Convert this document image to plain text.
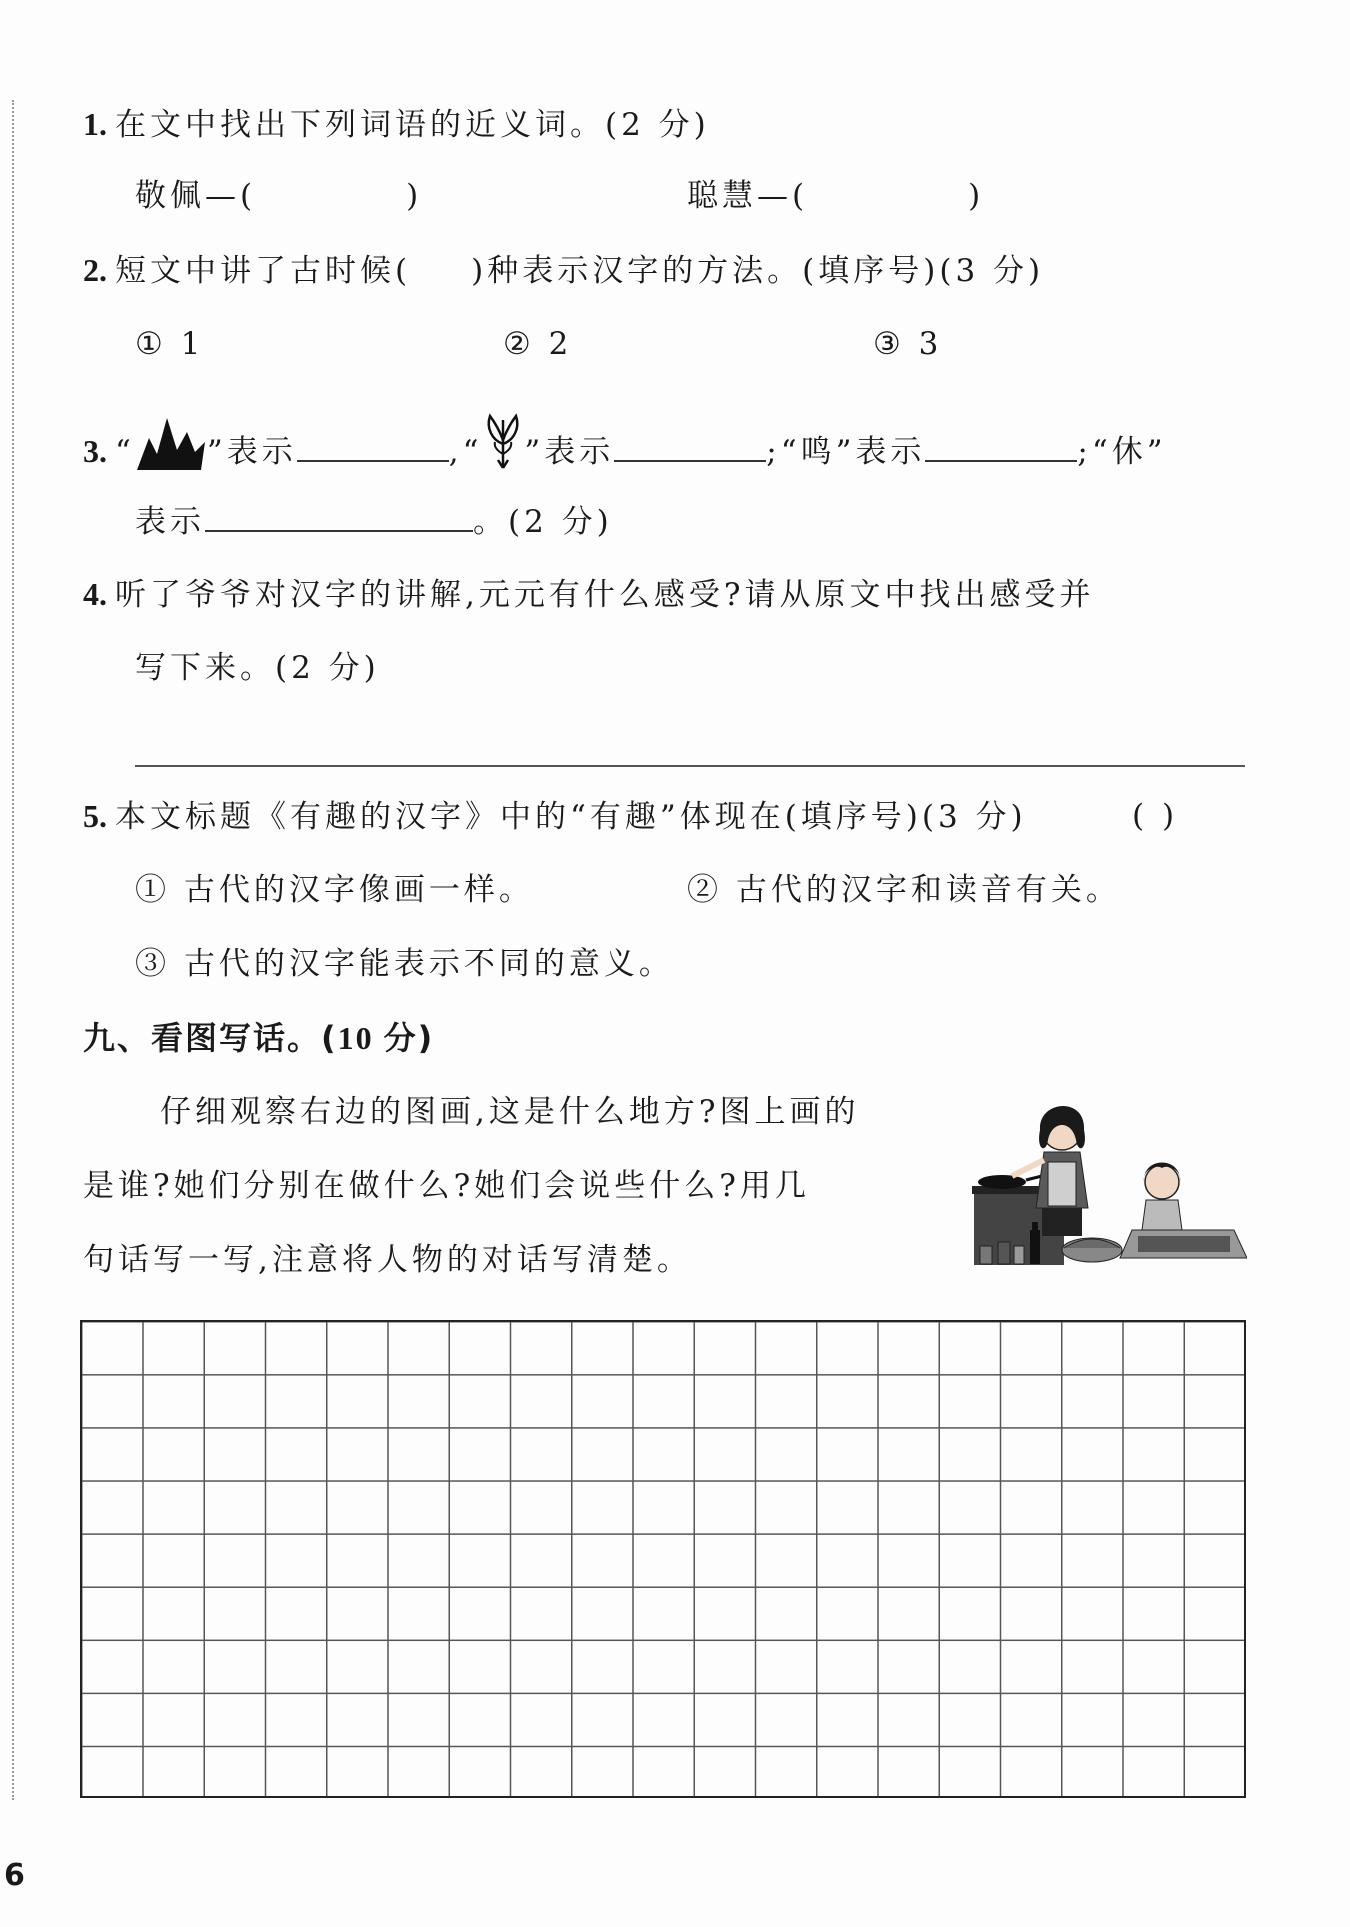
1. 在文中找出下列词语的近义词。(2 分)
敬佩—(	)	聪慧—(	)
2. 短文中讲了古时候( )种表示汉字的方法。(填序号)(3 分)
① 1	② 2	③ 3
3. “ ”表示	,“ ”表示	;“鸣”表示	;“休”
表示	。(2 分)
4. 听了爷爷对汉字的讲解,元元有什么感受?请从原文中找出感受并
写下来。(2 分)
5. 本文标题《有趣的汉字》中的“有趣”体现在(填序号)(3 分)	( )
① 古代的汉字像画一样。	② 古代的汉字和读音有关。
③ 古代的汉字能表示不同的意义。
九、看图写话。(10 分)
仔细观察右边的图画,这是什么地方?图上画的
是谁?她们分别在做什么?她们会说些什么?用几
句话写一写,注意将人物的对话写清楚。
6
